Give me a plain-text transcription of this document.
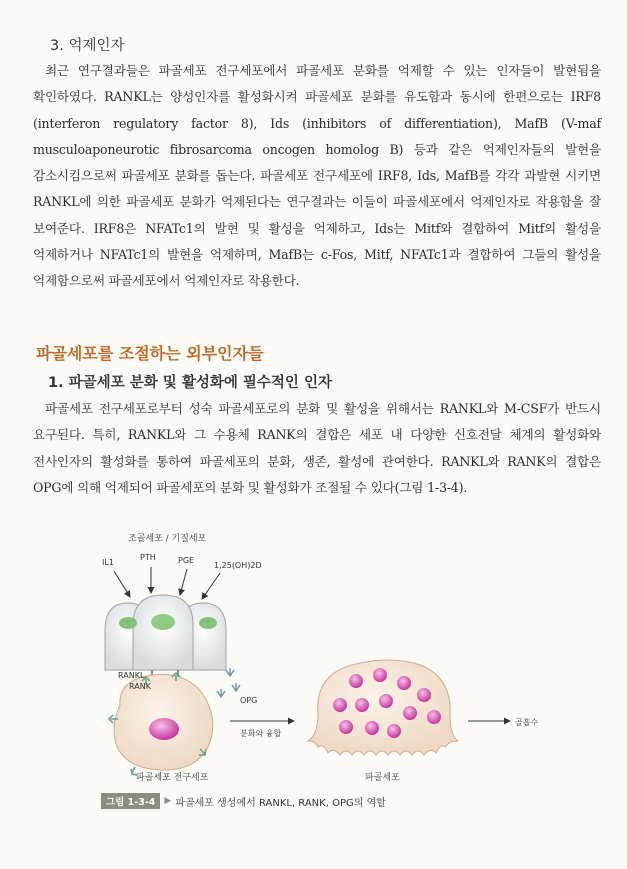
3. 억제인자

최근 연구결과들은 파골세포 전구세포에서 파골세포 분화를 억제할 수 있는 인자들이 발현됨을 확인하였다. RANKL는 양성인자를 활성화시켜 파골세포 분화를 유도함과 동시에 한편으로는 IRF8 (interferon regulatory factor 8), Ids (inhibitors of differentiation), MafB (V-maf musculoaponeurotic fibrosarcoma oncogen homolog B) 등과 같은 억제인자들의 발현을 감소시킴으로써 파골세포 분화를 돕는다. 파골세포 전구세포에 IRF8, Ids, MafB를 각각 과발현 시키면 RANKL에 의한 파골세포 분화가 억제된다는 연구결과는 이들이 파골세포에서 억제인자로 작용함을 잘 보여준다. IRF8은 NFATc1의 발현 및 활성을 억제하고, Ids는 Mitf와 결합하여 Mitf의 활성을 억제하거나 NFATc1의 발현을 억제하며, MafB는 c-Fos, Mitf, NFATc1과 결합하여 그들의 활성을 억제함으로써 파골세포에서 억제인자로 작용한다.

파골세포를 조절하는 외부인자들
1. 파골세포 분화 및 활성화에 필수적인 인자

파골세포 전구세포로부터 성숙 파골세포로의 분화 및 활성을 위해서는 RANKL와 M-CSF가 반드시 요구된다. 특히, RANKL와 그 수용체 RANK의 결합은 세포 내 다양한 신호전달 체계의 활성화와 전사인자의 활성화를 통하여 파골세포의 분화, 생존, 활성에 관여한다. RANKL와 RANK의 결합은 OPG에 의해 억제되어 파골세포의 분화 및 활성화가 조절될 수 있다(그림 1-3-4).

조골세포 / 기질세포
IL1
PTH	PGE
1,25(OH)2D
RANKL
RANK
OPG
파골세포 전구세포
분화와 융합
파골세포
골흡수
그림 1-3-4	▶ 파골세포 생성에서 RANKL, RANK, OPG의 역할
